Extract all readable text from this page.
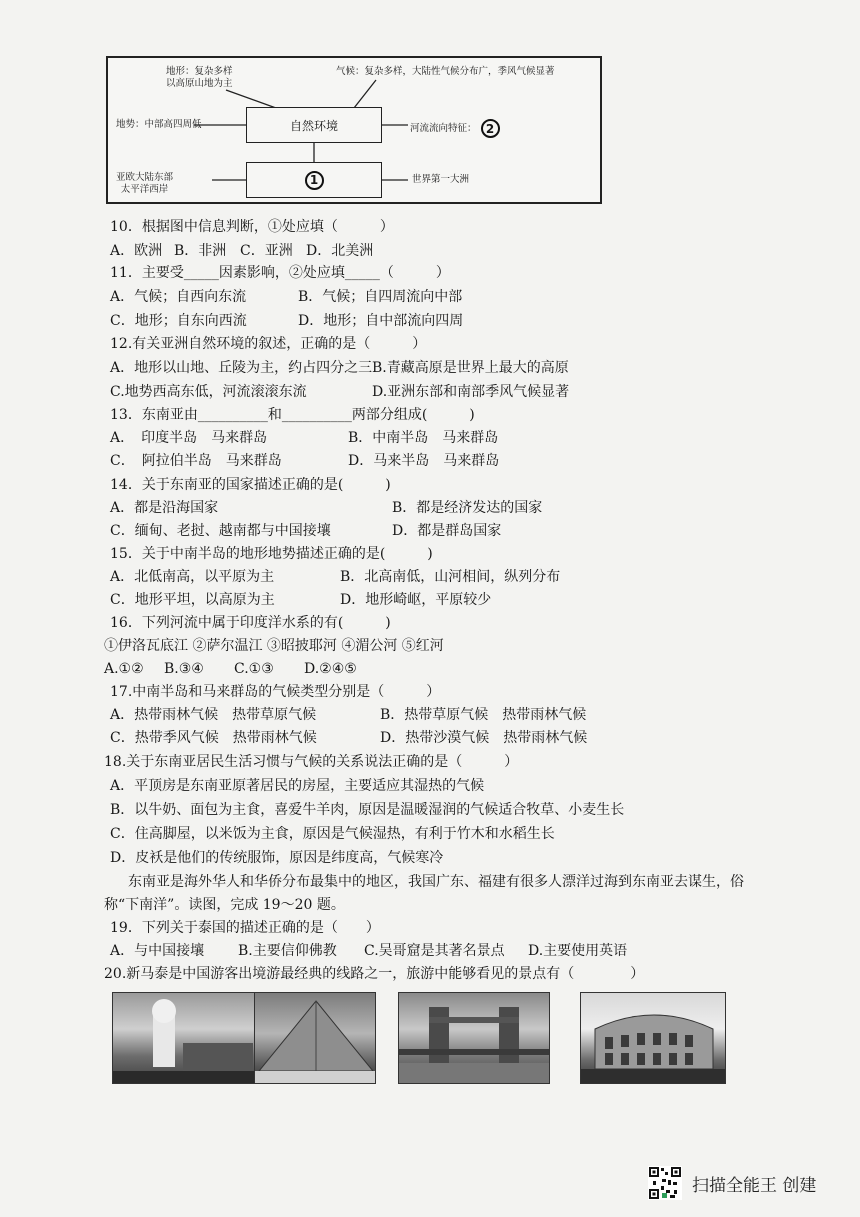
地形：复杂多样
以高原山地为主
气候：复杂多样，大陆性气候分布广，季风气候显著
地势：中部高四周低	自然环境	河流流向特征： 2
亚欧大陆东部
太平洋西岸
1	世界第一大洲
10．根据图中信息判断，①处应填（　　　）
A．欧洲 B．非洲 C．亚洲 D．北美洲
11．主要受_____因素影响，②处应填_____（　　　）
A．气候；自西向东流	B．气候；自四周流向中部
C．地形；自东向西流	D．地形；自中部流向四周
12.有关亚洲自然环境的叙述，正确的是（　　　）
A．地形以山地、丘陵为主，约占四分之三 B.青藏高原是世界上最大的高原
C.地势西高东低，河流滚滚东流	D.亚洲东部和南部季风气候显著
13．东南亚由__________和__________两部分组成(　　　)
A．　印度半岛　马来群岛	B．中南半岛　马来群岛
C．　阿拉伯半岛　马来群岛	D．马来半岛　马来群岛
14．关于东南亚的国家描述正确的是(　　　)
A．都是沿海国家	B．都是经济发达的国家
C．缅甸、老挝、越南都与中国接壤	D．都是群岛国家
15．关于中南半岛的地形地势描述正确的是(　　　)
A．北低南高，以平原为主	B．北高南低，山河相间，纵列分布
C．地形平坦，以高原为主	D．地形崎岖，平原较少
16．下列河流中属于印度洋水系的有(　　　)
①伊洛瓦底江 ②萨尔温江 ③昭披耶河 ④湄公河 ⑤红河
A.①② B.③④ C.①③ D.②④⑤
17.中南半岛和马来群岛的气候类型分别是（　　　）
A．热带雨林气候　热带草原气候	B．热带草原气候　热带雨林气候
C．热带季风气候　热带雨林气候	D．热带沙漠气候　热带雨林气候
18.关于东南亚居民生活习惯与气候的关系说法正确的是（　　　）
A．平顶房是东南亚原著居民的房屋，主要适应其湿热的气候
B．以牛奶、面包为主食，喜爱牛羊肉，原因是温暖湿润的气候适合牧草、小麦生长
C．住高脚屋，以米饭为主食，原因是气候湿热，有利于竹木和水稻生长
D．皮袄是他们的传统服饰，原因是纬度高，气候寒冷
东南亚是海外华人和华侨分布最集中的地区，我国广东、福建有很多人漂洋过海到东南亚去谋生，俗
称“下南洋”。读图，完成 19～20 题。
19．下列关于泰国的描述正确的是（　　）
A．与中国接壤 B.主要信仰佛教 C.吴哥窟是其著名景点 D.主要使用英语
20.新马泰是中国游客出境游最经典的线路之一，旅游中能够看见的景点有（　　　　）
扫描全能王 创建
